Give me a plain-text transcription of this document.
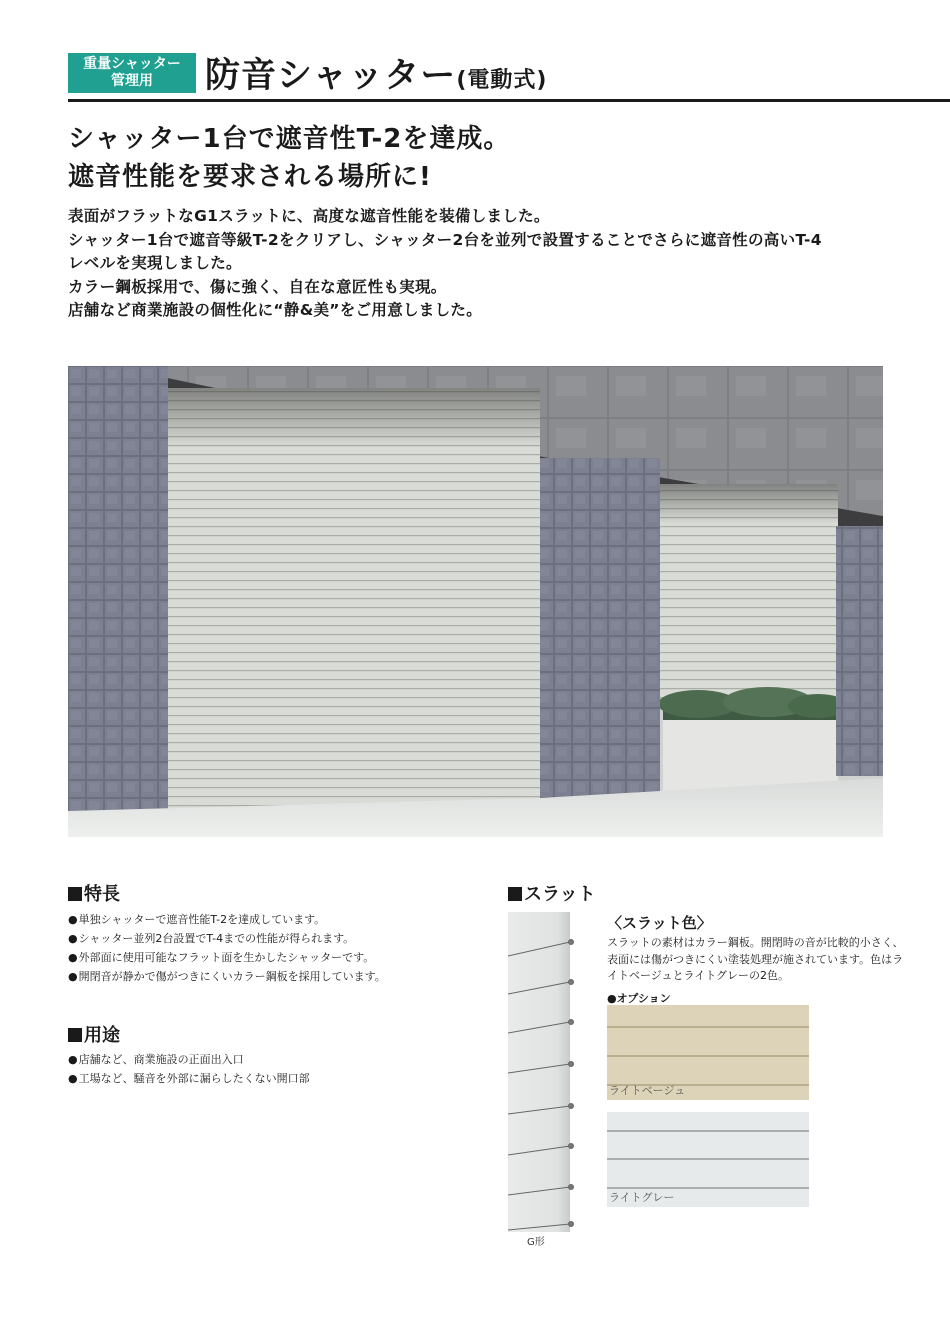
重量シャッター
管理用	防音シャッター(電動式)
シャッター1台で遮音性T-2を達成。
遮音性能を要求される場所に!
表面がフラットなG1スラットに、高度な遮音性能を装備しました。
シャッター1台で遮音等級T-2をクリアし、シャッター2台を並列で設置することでさらに遮音性の高いT-4
レベルを実現しました。
カラー鋼板採用で、傷に強く、自在な意匠性も実現。
店舗など商業施設の個性化に“静&美”をご用意しました。
特長
●単独シャッターで遮音性能T-2を達成しています。
●シャッター並列2台設置でT-4までの性能が得られます。
●外部面に使用可能なフラット面を生かしたシャッターです。
●開閉音が静かで傷がつきにくいカラー鋼板を採用しています。
用途
●店舗など、商業施設の正面出入口
●工場など、騒音を外部に漏らしたくない開口部
スラット
G形
〈スラット色〉
スラットの素材はカラー鋼板。開閉時の音が比較的小さく、
表面には傷がつきにくい塗装処理が施されています。色はラ
イトベージュとライトグレーの2色。
●オプション
ライトベージュ
ライトグレー
